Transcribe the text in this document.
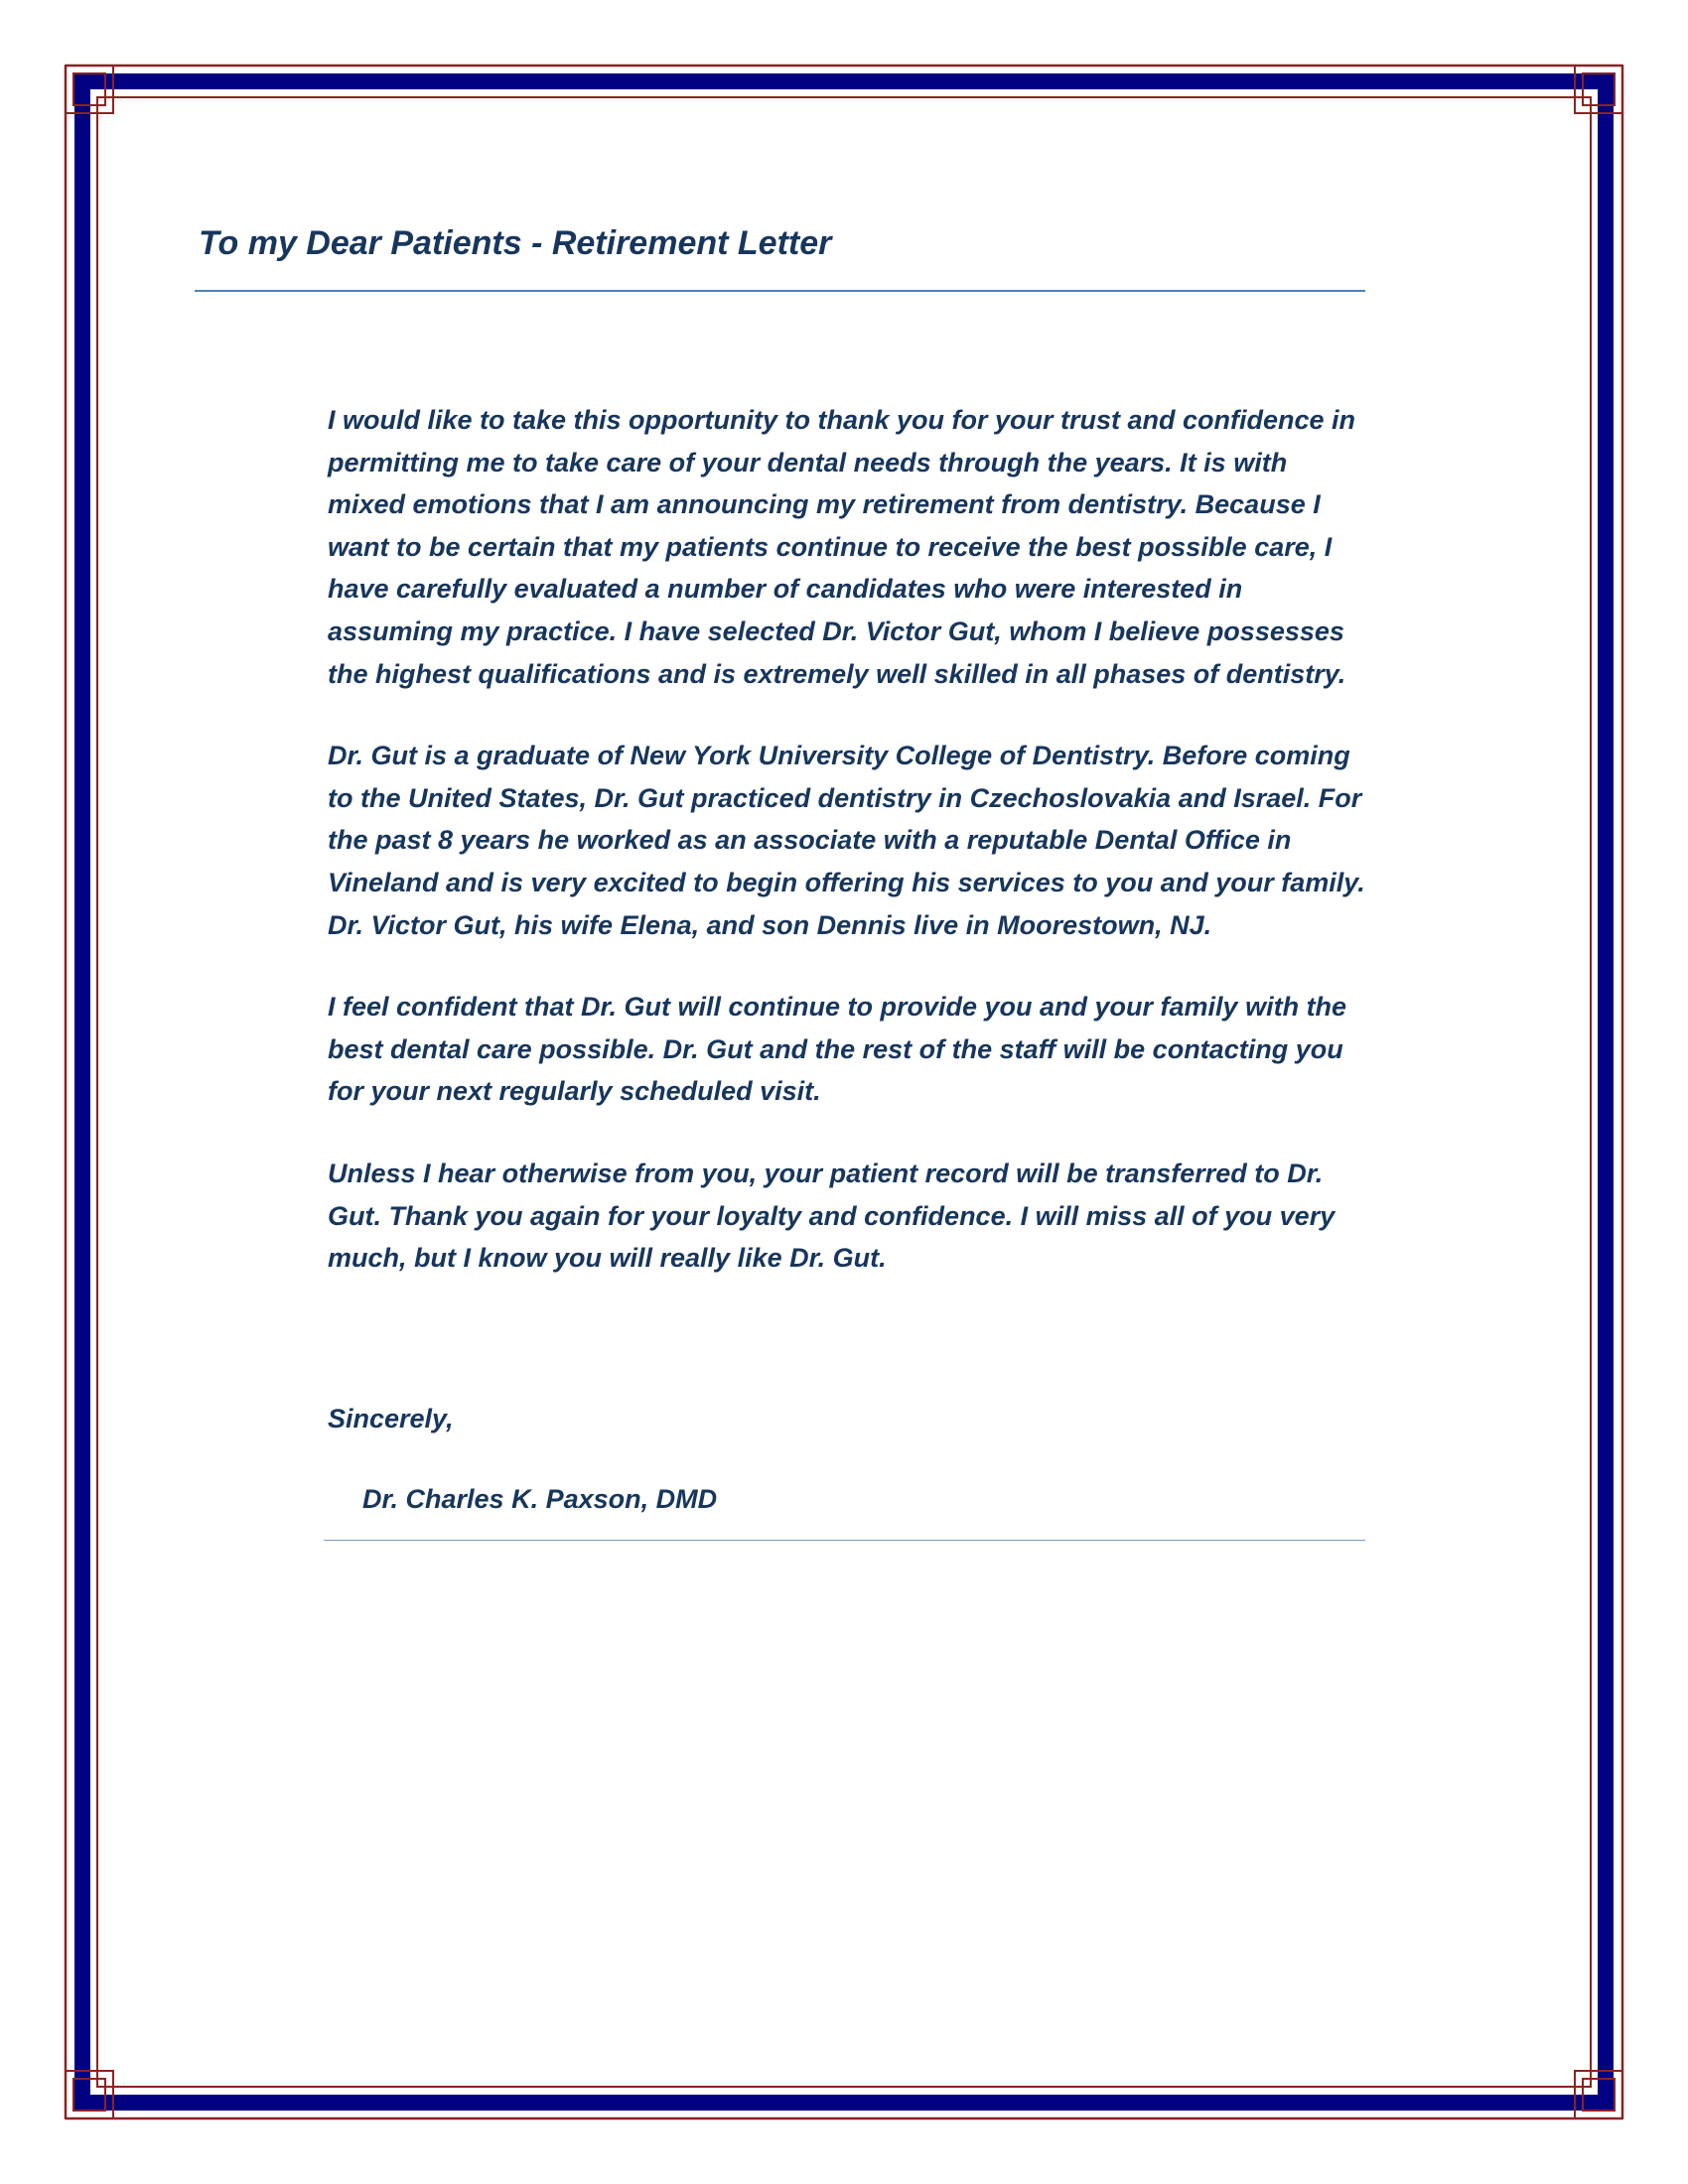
To my Dear Patients - Retirement Letter

I would like to take this opportunity to thank you for your trust and confidence in
permitting me to take care of your dental needs through the years. It is with
mixed emotions that I am announcing my retirement from dentistry. Because I
want to be certain that my patients continue to receive the best possible care, I
have carefully evaluated a number of candidates who were interested in
assuming my practice. I have selected Dr. Victor Gut, whom I believe possesses
the highest qualifications and is extremely well skilled in all phases of dentistry.

Dr. Gut is a graduate of New York University College of Dentistry. Before coming
to the United States, Dr. Gut practiced dentistry in Czechoslovakia and Israel. For
the past 8 years he worked as an associate with a reputable Dental Office in
Vineland and is very excited to begin offering his services to you and your family.
Dr. Victor Gut, his wife Elena, and son Dennis live in Moorestown, NJ.

I feel confident that Dr. Gut will continue to provide you and your family with the
best dental care possible. Dr. Gut and the rest of the staff will be contacting you
for your next regularly scheduled visit.

Unless I hear otherwise from you, your patient record will be transferred to Dr.
Gut. Thank you again for your loyalty and confidence. I will miss all of you very
much, but I know you will really like Dr. Gut.

Sincerely,
Dr. Charles K. Paxson, DMD
